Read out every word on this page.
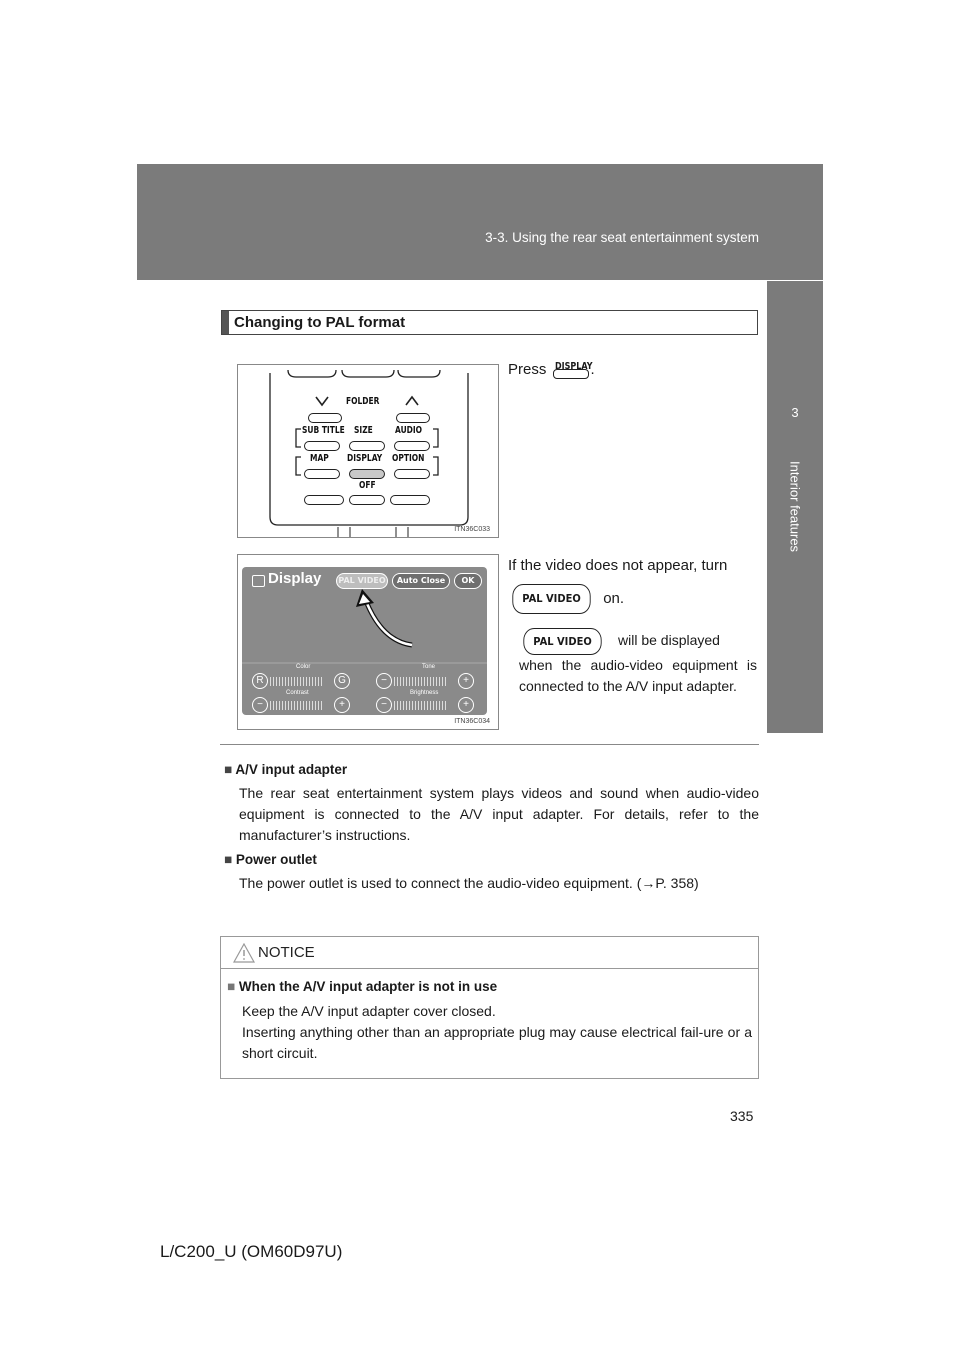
3-3. Using the rear seat entertainment system
3
Interior features
Changing to PAL format
FOLDER
SUB TITLE SIZE AUDIO
MAP DISPLAY OPTION
OFF
ITN36C033
Press DISPLAY
.
Display PAL VIDEO	Auto Close	OK
Color	Tone
R	G	−	+
Contrast	Brightness
−	+	−	+
ITN36C034
If the video does not appear, turn
PAL VIDEO on.
PAL VIDEO will be displayed
when the audio-video equipment is connected to the A/V input adapter.
■ A/V input adapter
The rear seat entertainment system plays videos and sound when audio-video equipment is connected to the A/V input adapter. For details, refer to the manufacturer’s instructions.
■ Power outlet
The power outlet is used to connect the audio-video equipment. (→P. 358)
NOTICE
■ When the A/V input adapter is not in use
Keep the A/V input adapter cover closed.
Inserting anything other than an appropriate plug may cause electrical fail-ure or a short circuit.
335
L/C200_U (OM60D97U)
